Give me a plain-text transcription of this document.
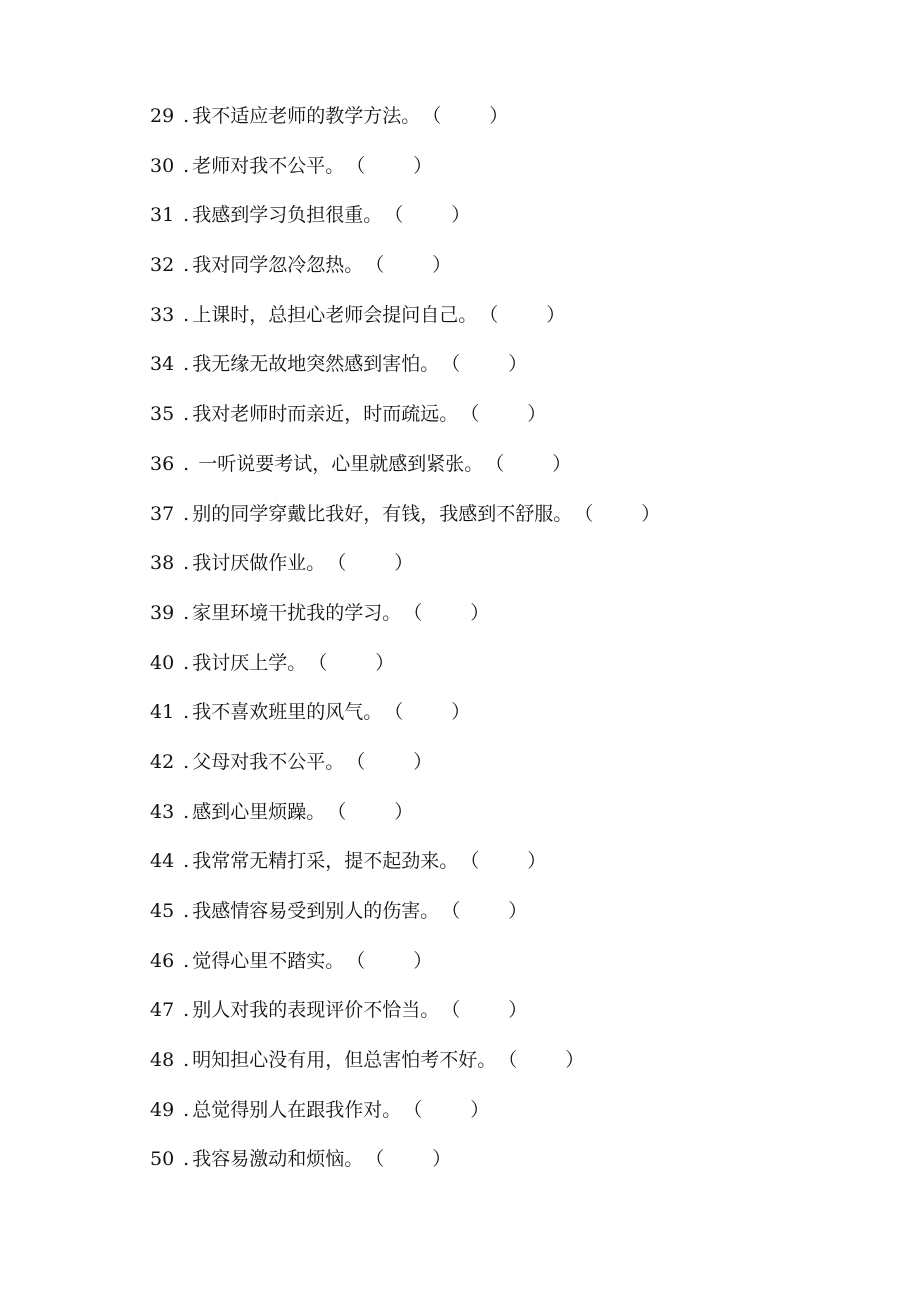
29 . 我不适应老师的教学方法。 （	）
30 . 老师对我不公平。 （	）
31 . 我感到学习负担很重。 （	）
32 . 我对同学忽冷忽热。 （	）
33 . 上课时，总担心老师会提问自己。 （	）
34 . 我无缘无故地突然感到害怕。 （	）
35 . 我对老师时而亲近，时而疏远。 （	）
36 . 一听说要考试，心里就感到紧张。 （	）
37 . 别的同学穿戴比我好，有钱，我感到不舒服。 （	）
38 . 我讨厌做作业。 （	）
39 . 家里环境干扰我的学习。 （	）
40 . 我讨厌上学。 （	）
41 . 我不喜欢班里的风气。 （	）
42 . 父母对我不公平。 （	）
43 . 感到心里烦躁。 （	）
44 . 我常常无精打采，提不起劲来。 （	）
45 . 我感情容易受到别人的伤害。 （	）
46 . 觉得心里不踏实。 （	）
47 . 别人对我的表现评价不恰当。 （	）
48 . 明知担心没有用，但总害怕考不好。 （	）
49 . 总觉得别人在跟我作对。 （	）
50 . 我容易激动和烦恼。 （	）
